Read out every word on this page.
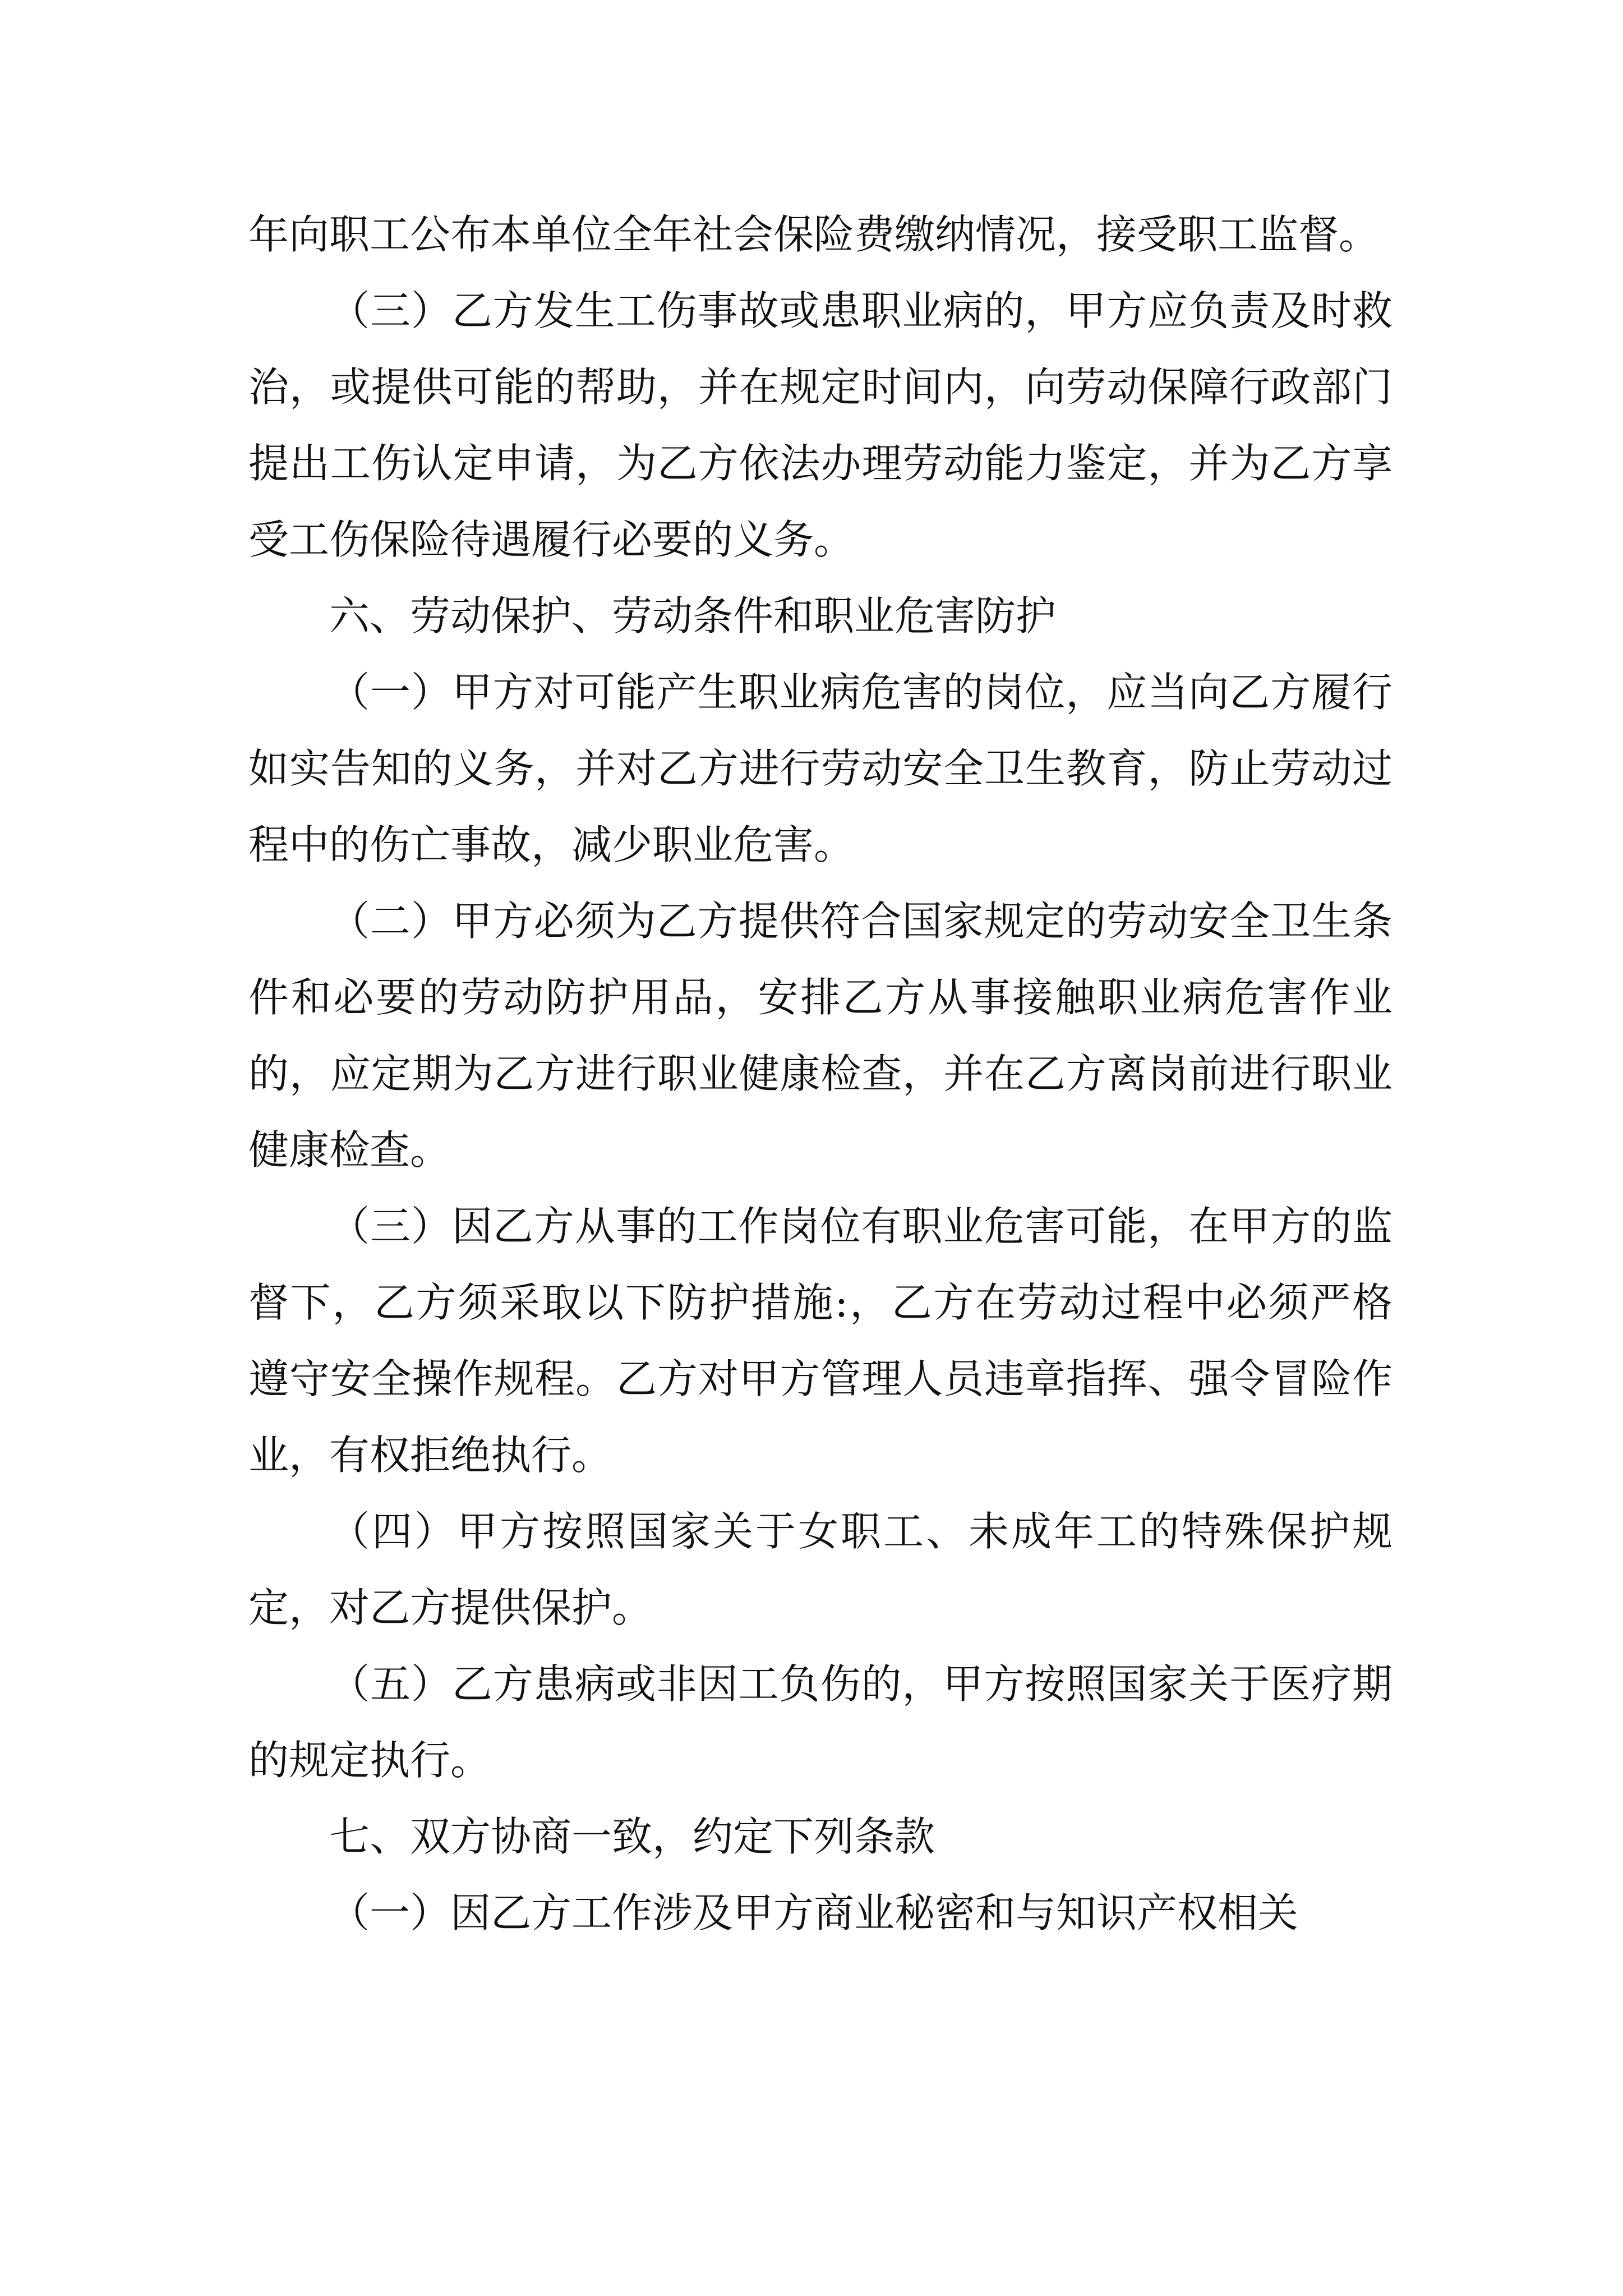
年向职工公布本单位全年社会保险费缴纳情况，接受职工监督。

（三）乙方发生工伤事故或患职业病的，甲方应负责及时救治，或提供可能的帮助，并在规定时间内，向劳动保障行政部门提出工伤认定申请，为乙方依法办理劳动能力鉴定，并为乙方享受工伤保险待遇履行必要的义务。

六、劳动保护、劳动条件和职业危害防护

（一）甲方对可能产生职业病危害的岗位，应当向乙方履行如实告知的义务，并对乙方进行劳动安全卫生教育，防止劳动过程中的伤亡事故，减少职业危害。

（二）甲方必须为乙方提供符合国家规定的劳动安全卫生条件和必要的劳动防护用品，安排乙方从事接触职业病危害作业的，应定期为乙方进行职业健康检查，并在乙方离岗前进行职业健康检查。

（三）因乙方从事的工作岗位有职业危害可能，在甲方的监督下，乙方须采取以下防护措施:，乙方在劳动过程中必须严格遵守安全操作规程。乙方对甲方管理人员违章指挥、强令冒险作业，有权拒绝执行。

（四）甲方按照国家关于女职工、未成年工的特殊保护规定，对乙方提供保护。

（五）乙方患病或非因工负伤的，甲方按照国家关于医疗期的规定执行。

七、双方协商一致，约定下列条款

（一）因乙方工作涉及甲方商业秘密和与知识产权相关
